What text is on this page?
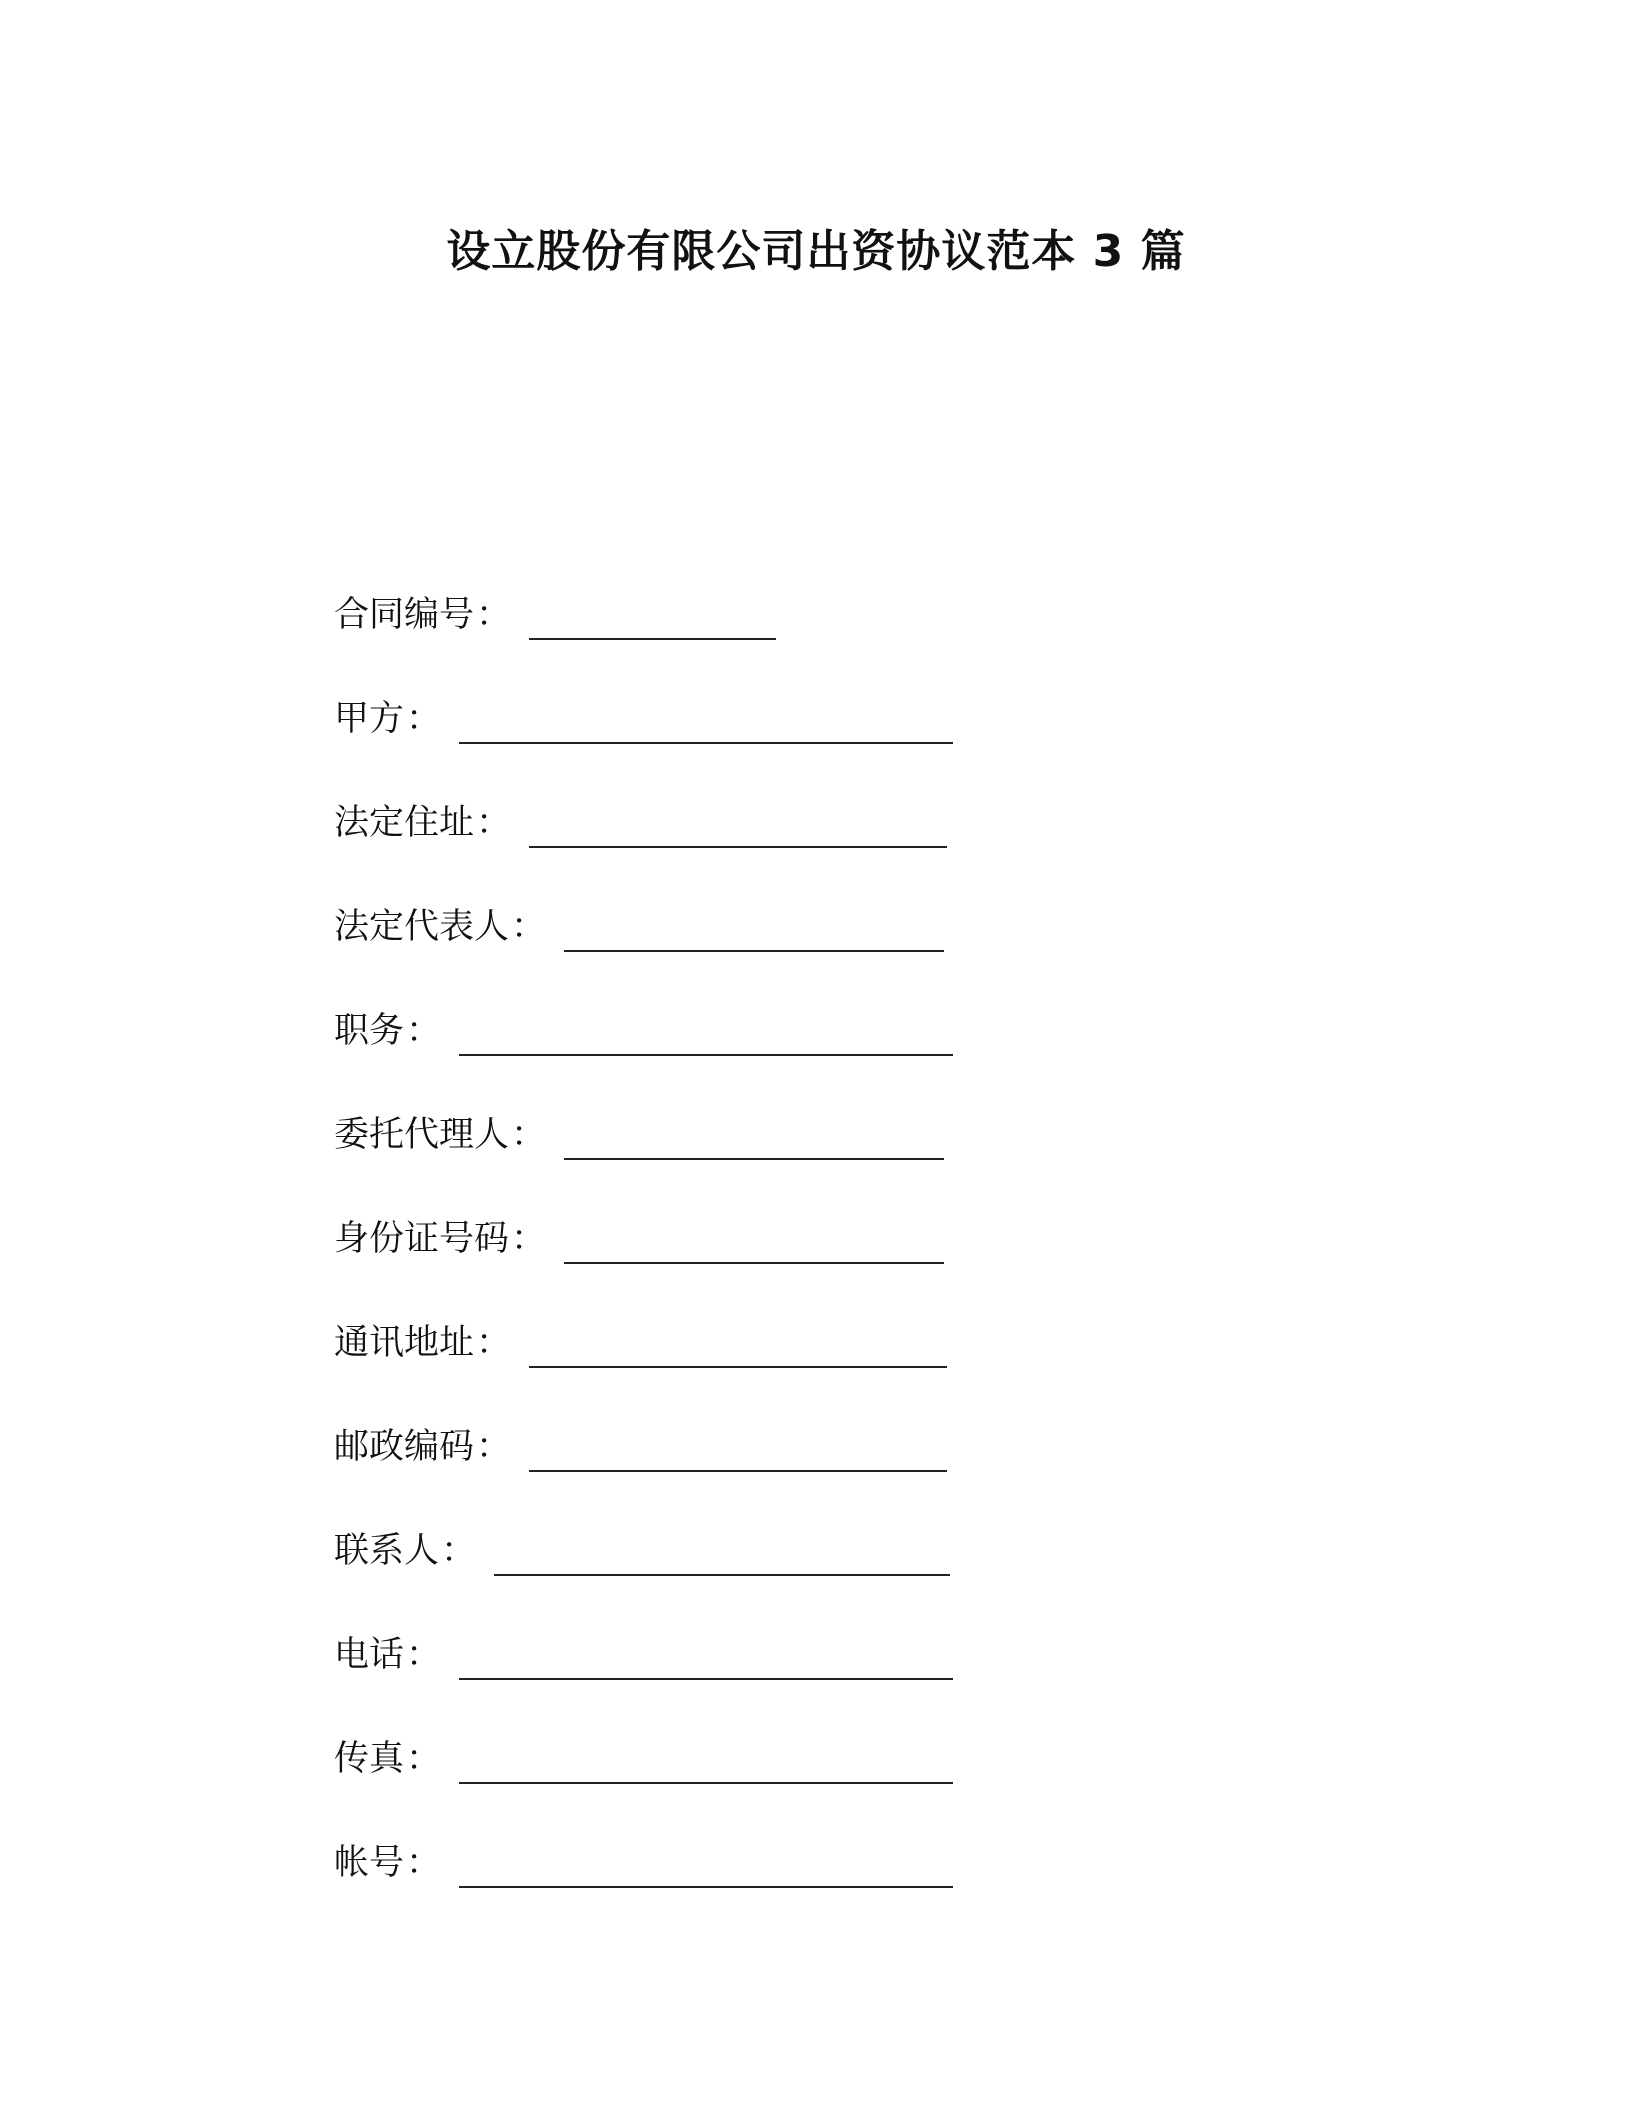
设立股份有限公司出资协议范本 3 篇
合同编号 ：
甲方 ：
法定住址 ：
法定代表人 ：
职务 ：
委托代理人 ：
身份证号码 ：
通讯地址 ：
邮政编码 ：
联系人 ：
电话 ：
传真 ：
帐号 ：
